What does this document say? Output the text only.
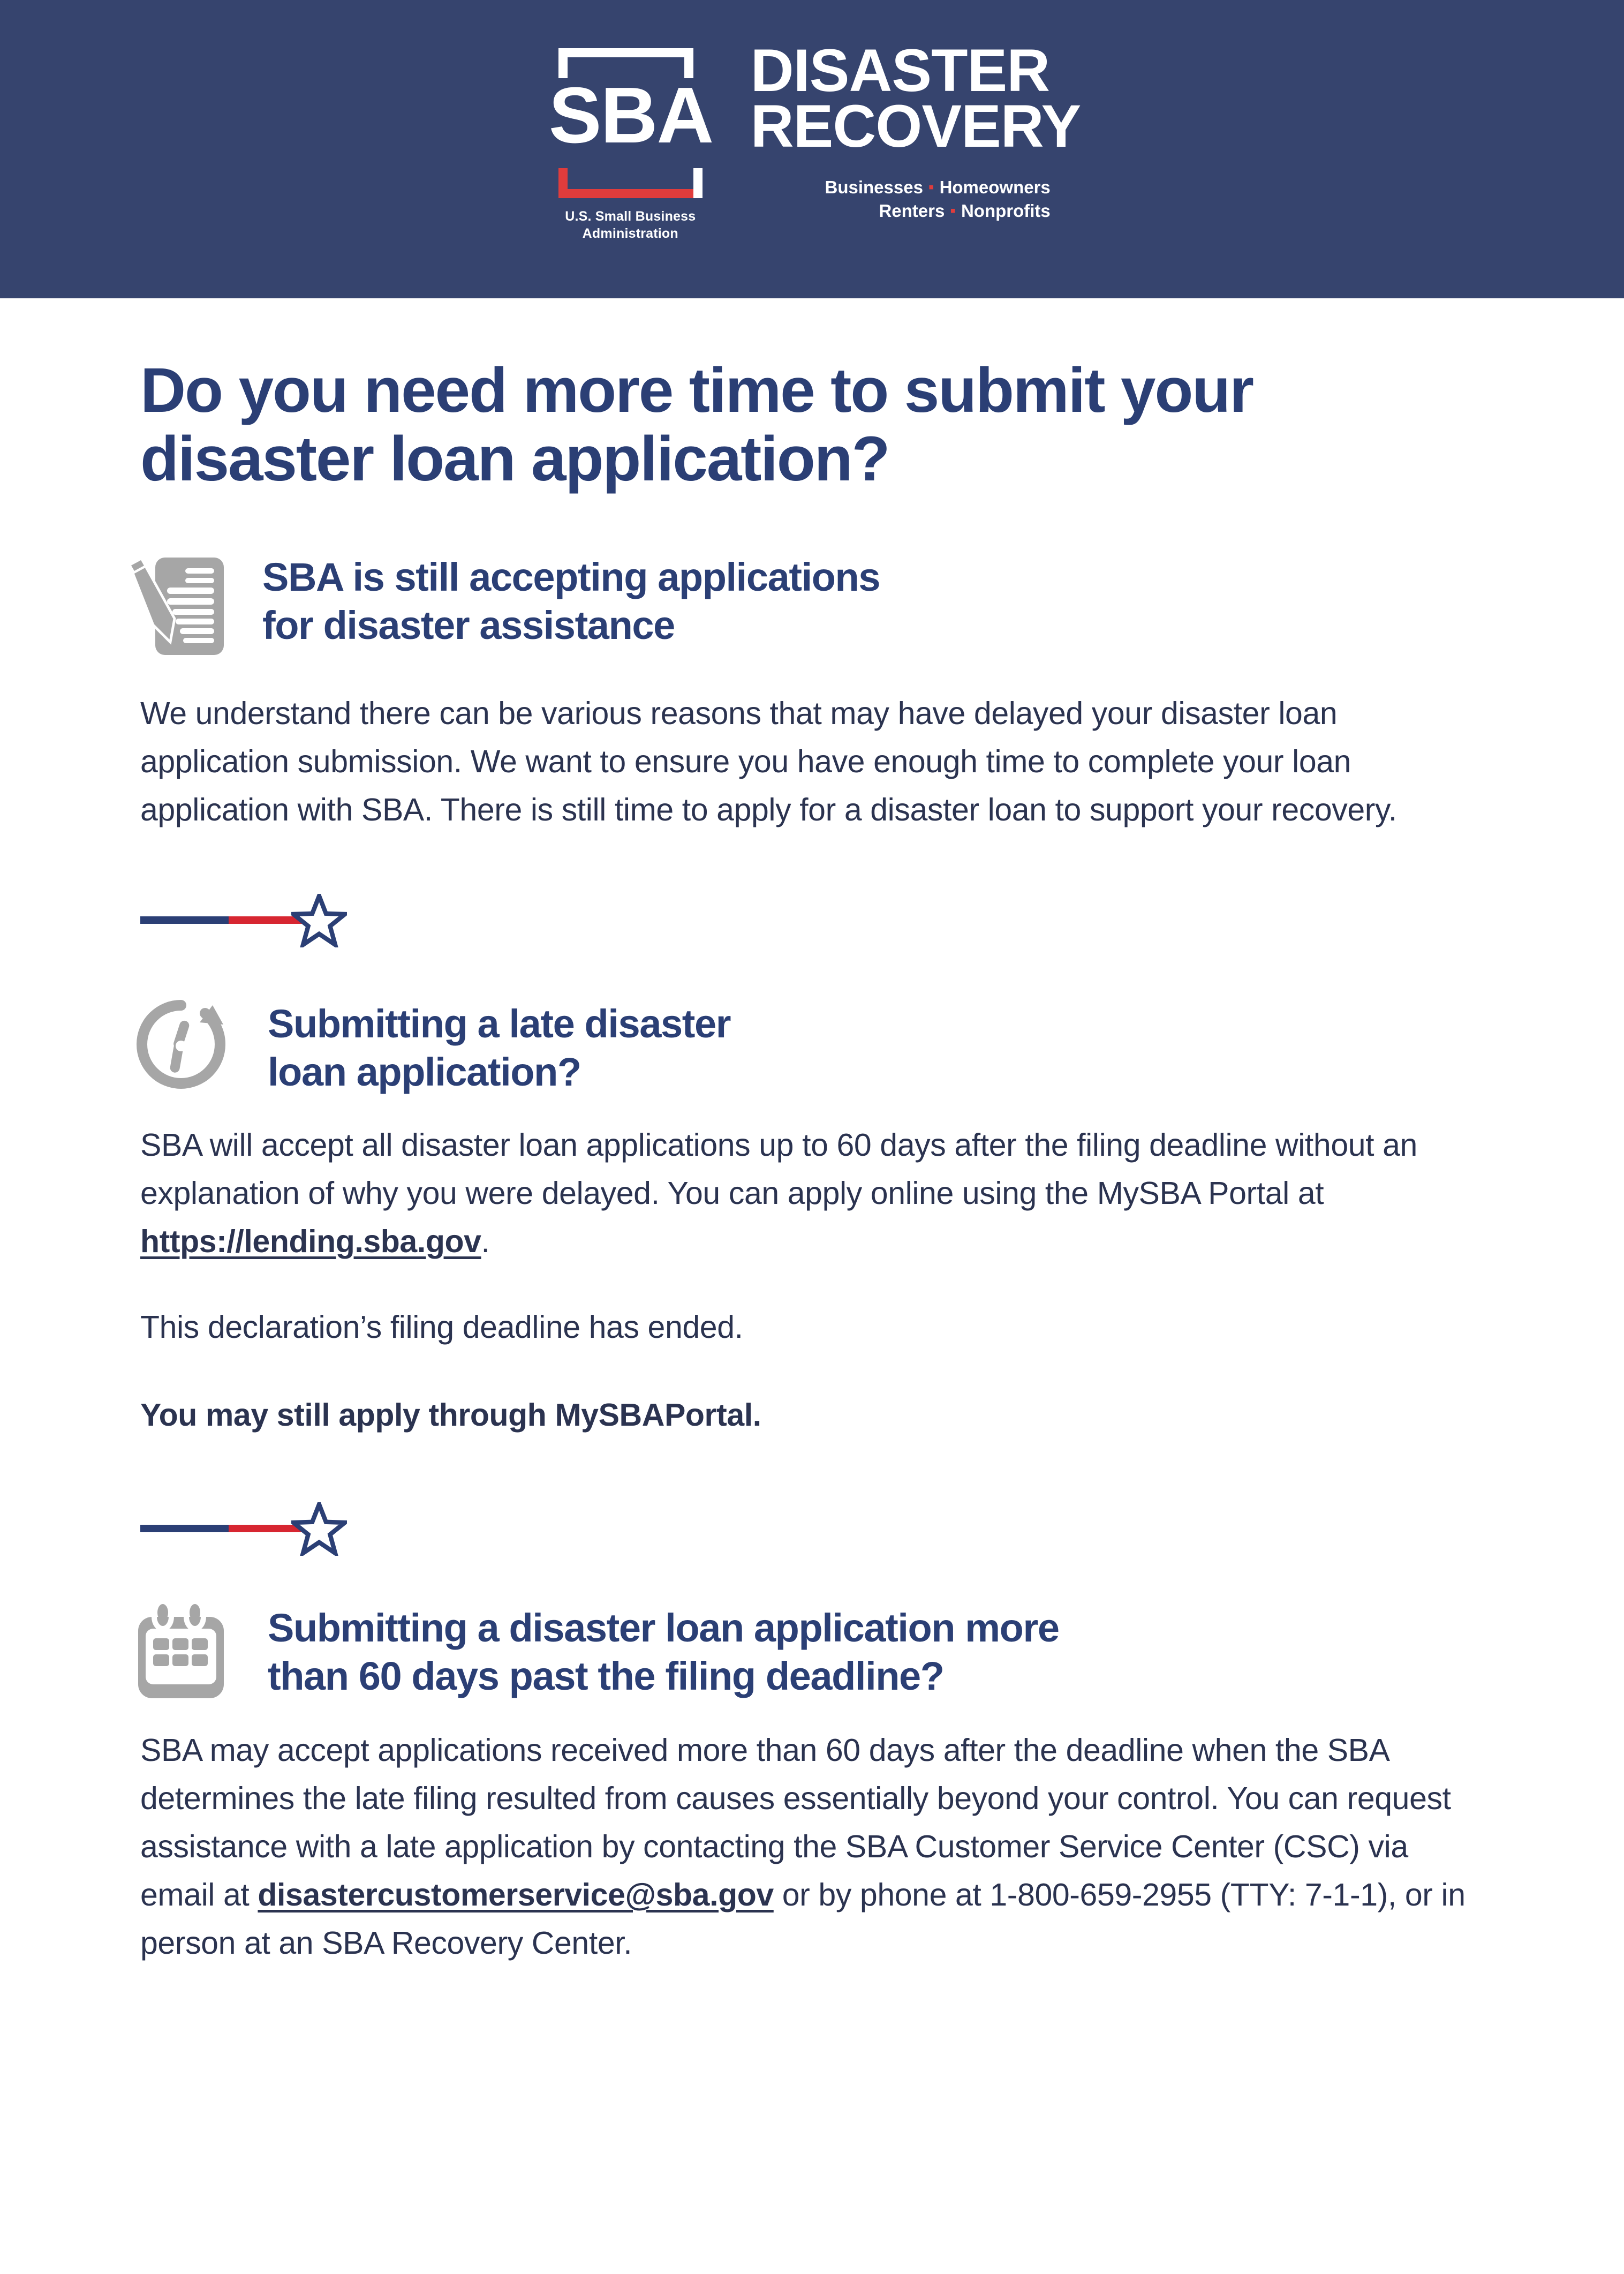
SBA
U.S. Small Business
Administration
DISASTER
RECOVERY
Businesses ▪ Homeowners
Renters ▪ Nonprofits
Do you need more time to submit your disaster loan application?
SBA is still accepting applications
for disaster assistance

We understand there can be various reasons that may have delayed your disaster loan application submission. We want to ensure you have enough time to complete your loan application with SBA. There is still time to apply for a disaster loan to support your recovery.

Submitting a late disaster
loan application?

SBA will accept all disaster loan applications up to 60 days after the filing deadline without an explanation of why you were delayed. You can apply online using the MySBA Portal at https://lending.sba.gov.

This declaration’s filing deadline has ended.

You may still apply through MySBAPortal.

Submitting a disaster loan application more
than 60 days past the filing deadline?

SBA may accept applications received more than 60 days after the deadline when the SBA determines the late filing resulted from causes essentially beyond your control. You can request assistance with a late application by contacting the SBA Customer Service Center (CSC) via email at disastercustomerservice@sba.gov or by phone at 1-800-659-2955 (TTY: 7-1-1), or in person at an SBA Recovery Center.
